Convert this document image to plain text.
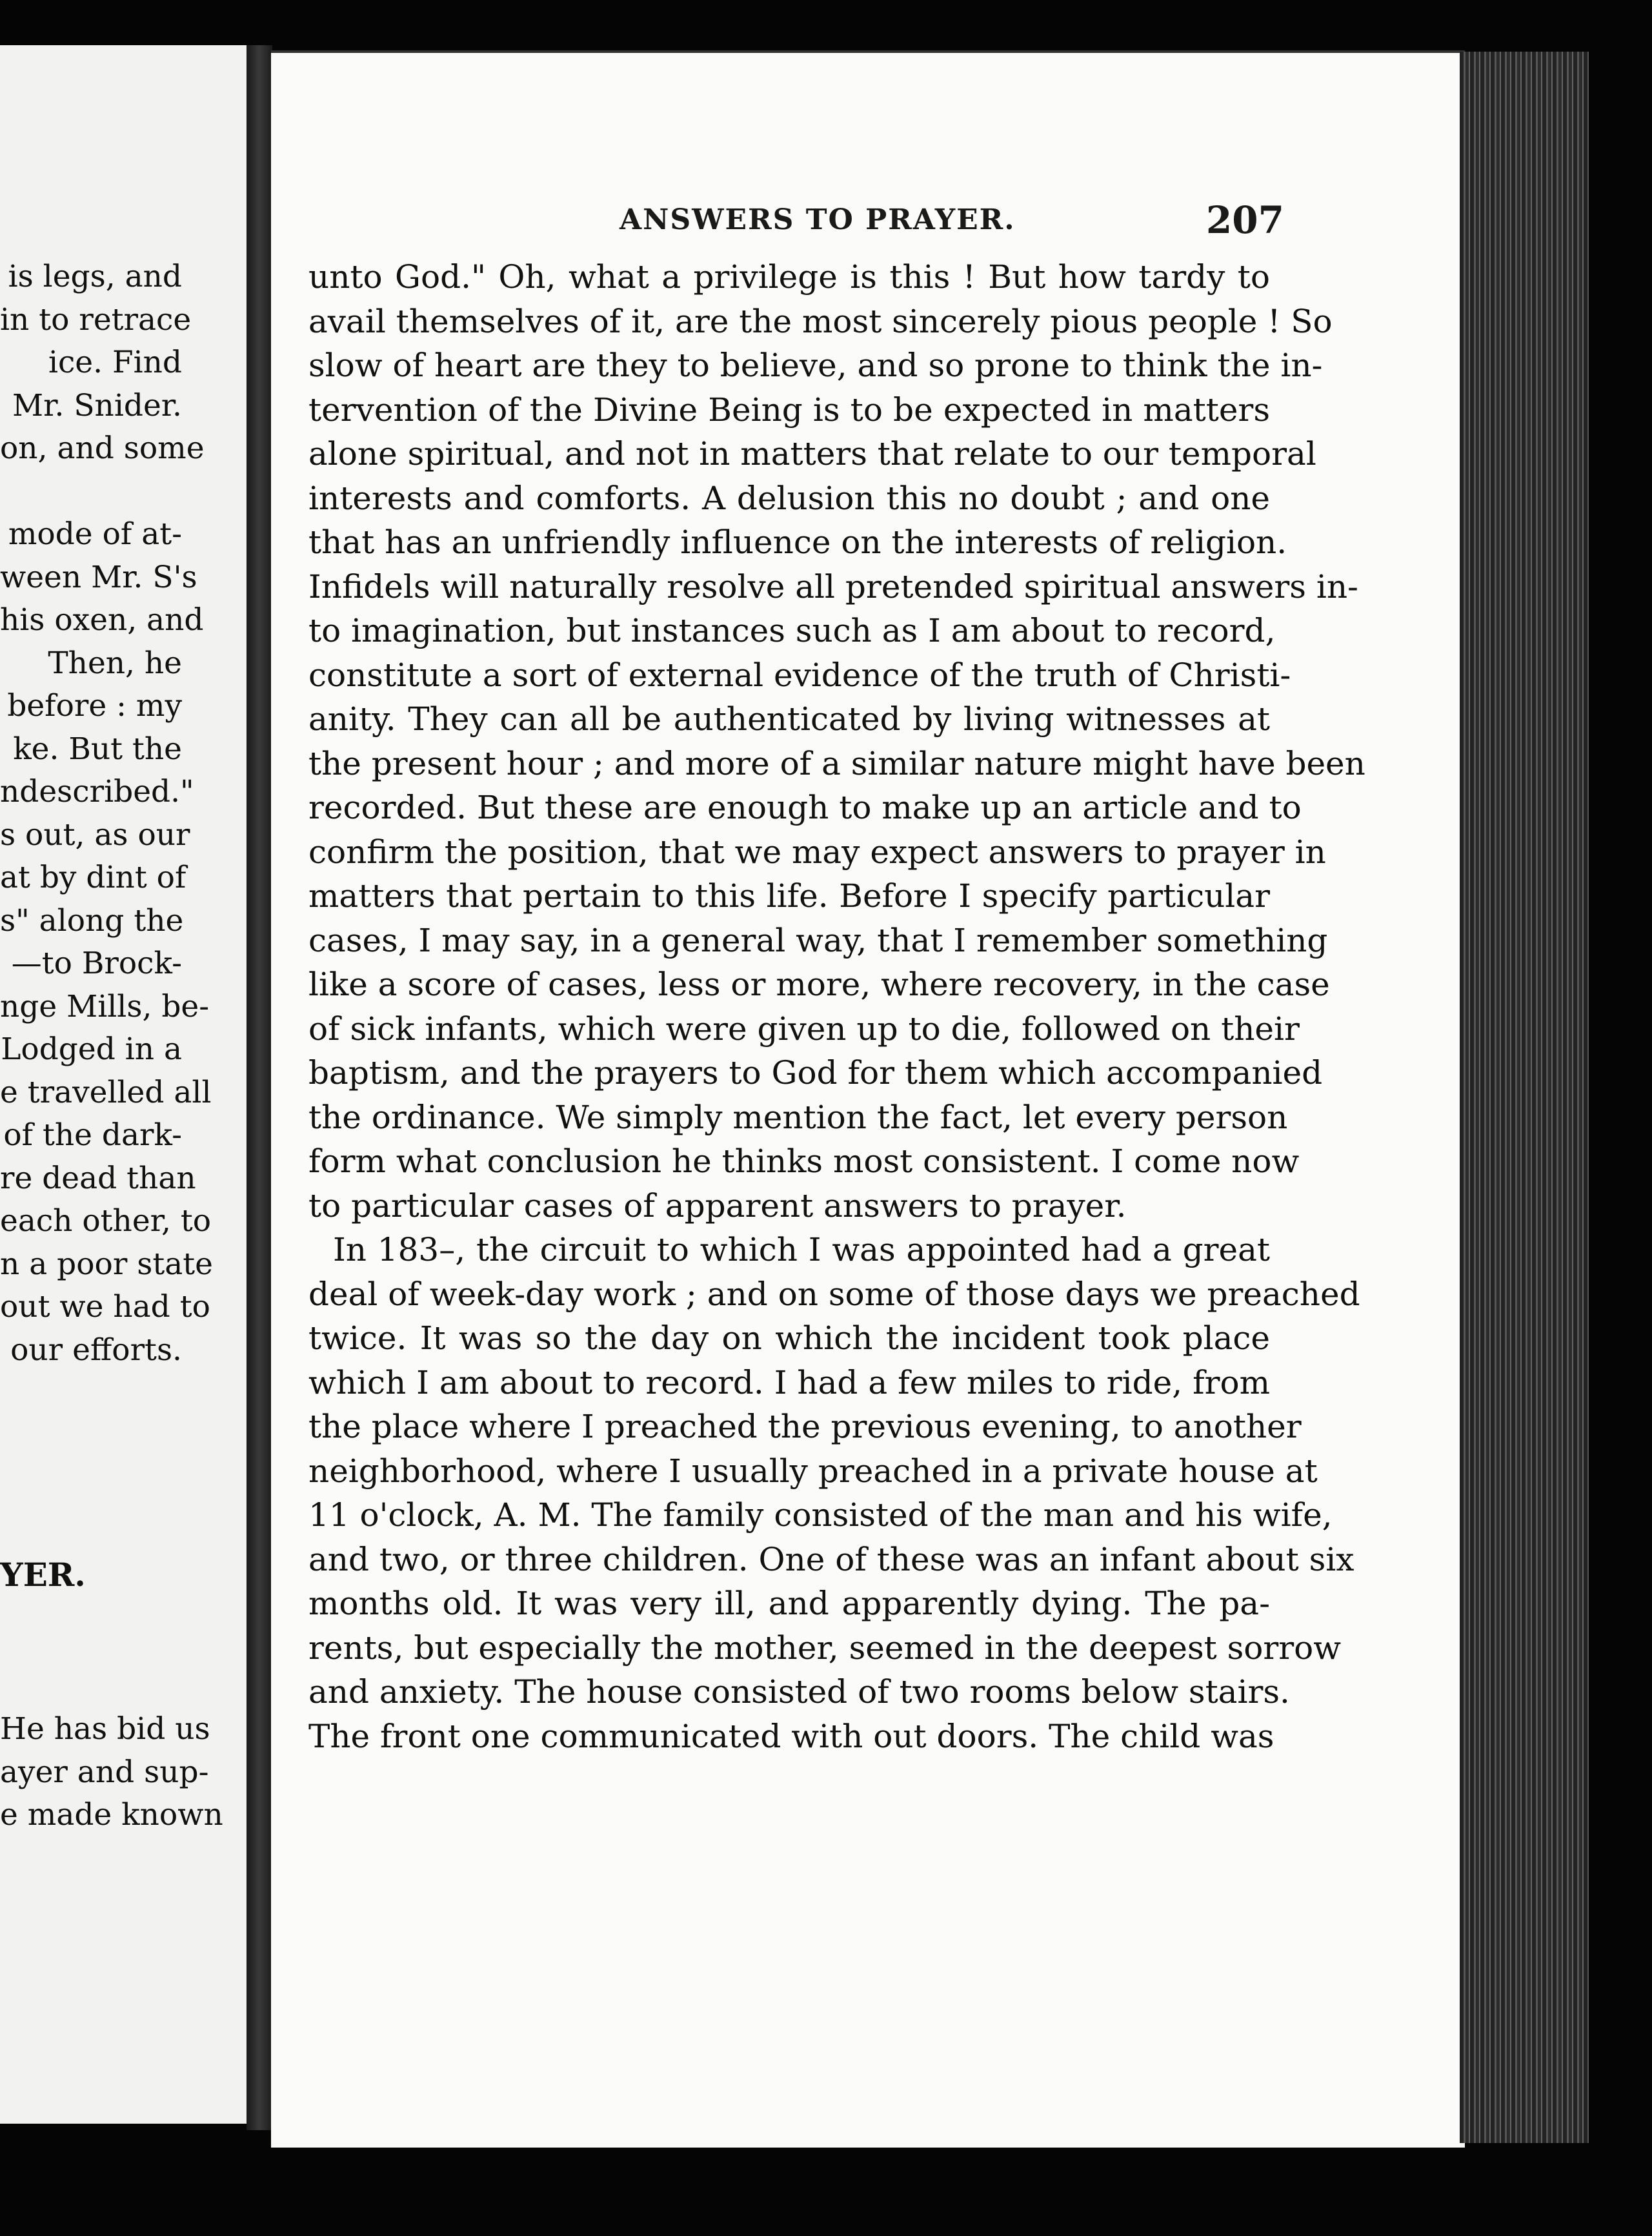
is legs, and
in to retrace
ice. Find
Mr. Snider.
on, and some
mode of at-
ween Mr. S's
his oxen, and
Then, he
before : my
ke. But the
ndescribed."
s out, as our
at by dint of
s" along the
—to Brock-
nge Mills, be-
Lodged in a
e travelled all
of the dark-
re dead than
each other, to
n a poor state
out we had to
our efforts.
YER.
He has bid us
ayer and sup-
e made known
ANSWERS TO PRAYER.	207
unto God." Oh, what a privilege is this ! But how tardy to
avail themselves of it, are the most sincerely pious people ! So
slow of heart are they to believe, and so prone to think the in-
tervention of the Divine Being is to be expected in matters
alone spiritual, and not in matters that relate to our temporal
interests and comforts. A delusion this no doubt ; and one
that has an unfriendly influence on the interests of religion.
Infidels will naturally resolve all pretended spiritual answers in-
to imagination, but instances such as I am about to record,
constitute a sort of external evidence of the truth of Christi-
anity. They can all be authenticated by living witnesses at
the present hour ; and more of a similar nature might have been
recorded. But these are enough to make up an article and to
confirm the position, that we may expect answers to prayer in
matters that pertain to this life. Before I specify particular
cases, I may say, in a general way, that I remember something
like a score of cases, less or more, where recovery, in the case
of sick infants, which were given up to die, followed on their
baptism, and the prayers to God for them which accompanied
the ordinance. We simply mention the fact, let every person
form what conclusion he thinks most consistent. I come now
to particular cases of apparent answers to prayer.
In 183–, the circuit to which I was appointed had a great
deal of week-day work ; and on some of those days we preached
twice. It was so the day on which the incident took place
which I am about to record. I had a few miles to ride, from
the place where I preached the previous evening, to another
neighborhood, where I usually preached in a private house at
11 o'clock, A. M. The family consisted of the man and his wife,
and two, or three children. One of these was an infant about six
months old. It was very ill, and apparently dying. The pa-
rents, but especially the mother, seemed in the deepest sorrow
and anxiety. The house consisted of two rooms below stairs.
The front one communicated with out doors. The child was
